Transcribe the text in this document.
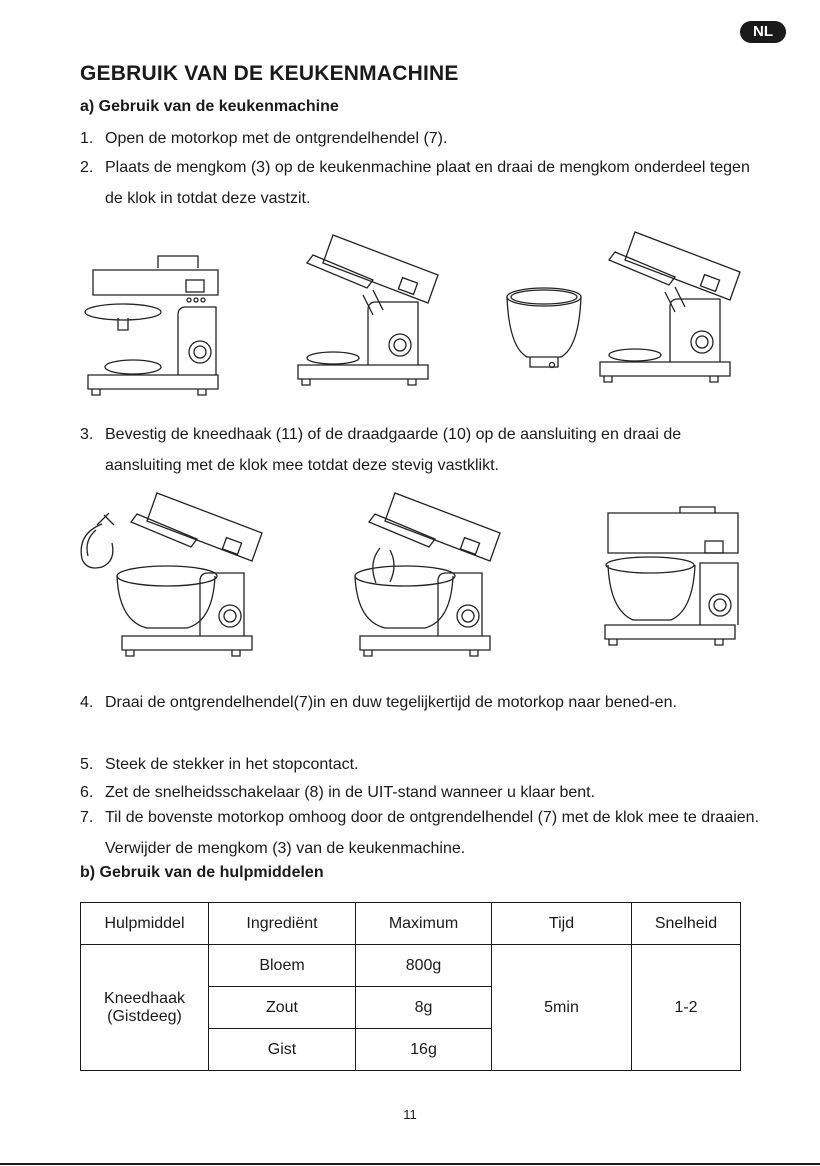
NL
GEBRUIK VAN DE KEUKENMACHINE
a) Gebruik van de keukenmachine
1. Open de motorkop met de ontgrendelhendel (7).
2. Plaats de mengkom (3) op de keukenmachine plaat en draai de mengkom onderdeel tegen de klok in totdat deze vastzit.
3. Bevestig de kneedhaak (11) of de draadgaarde (10) op de aansluiting en draai de aansluiting met de klok mee totdat deze stevig vastklikt.
4. Draai de ontgrendelhendel(7)in en duw tegelijkertijd de motorkop naar bened-en.
5. Steek de stekker in het stopcontact.
6. Zet de snelheidsschakelaar (8) in de UIT-stand wanneer u klaar bent.
7. Til de bovenste motorkop omhoog door de ontgrendelhendel (7) met de klok mee te draaien. Verwijder de mengkom (3) van de keukenmachine.
b) Gebruik van de hulpmiddelen
Hulpmiddel	Ingrediënt	Maximum	Tijd	Snelheid
Kneedhaak (Gistdeeg)	Bloem	800g	5min	1-2
	Zout	8g		
	Gist	16g		
11
